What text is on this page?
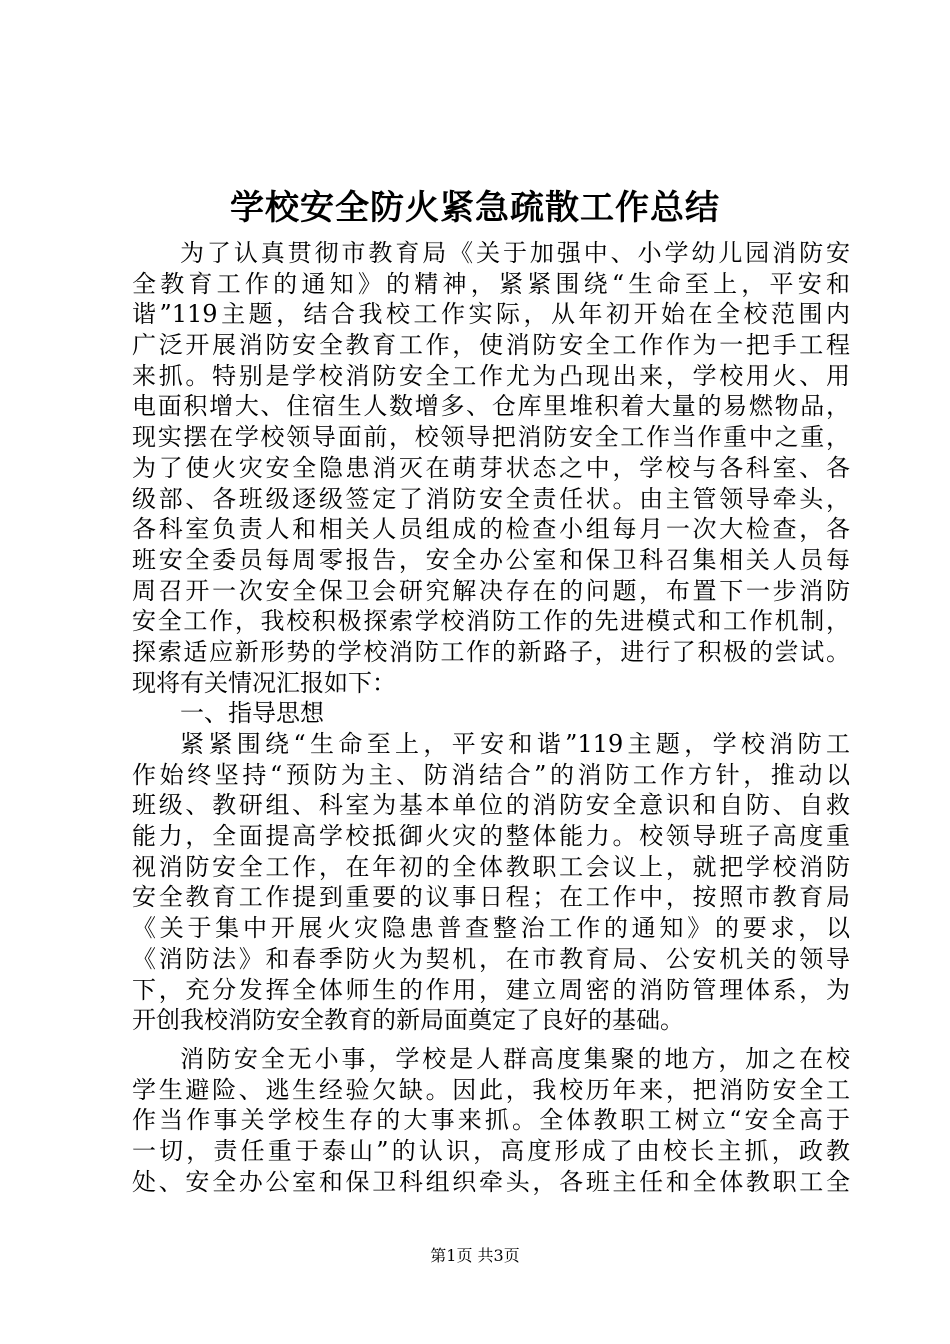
学校安全防火紧急疏散工作总结
为了认真贯彻市教育局《关于加强中、小学幼儿园消防安
全教育工作的通知》的精神，紧紧围绕“生命至上，平安和
谐”119主题，结合我校工作实际，从年初开始在全校范围内
广泛开展消防安全教育工作，使消防安全工作作为一把手工程
来抓。特别是学校消防安全工作尤为凸现出来，学校用火、用
电面积增大、住宿生人数增多、仓库里堆积着大量的易燃物品，
现实摆在学校领导面前，校领导把消防安全工作当作重中之重，
为了使火灾安全隐患消灭在萌芽状态之中，学校与各科室、各
级部、各班级逐级签定了消防安全责任状。由主管领导牵头，
各科室负责人和相关人员组成的检查小组每月一次大检查，各
班安全委员每周零报告，安全办公室和保卫科召集相关人员每
周召开一次安全保卫会研究解决存在的问题，布置下一步消防
安全工作，我校积极探索学校消防工作的先进模式和工作机制，
探索适应新形势的学校消防工作的新路子，进行了积极的尝试。
现将有关情况汇报如下：
一、指导思想
紧紧围绕“生命至上，平安和谐”119主题，学校消防工
作始终坚持“预防为主、防消结合”的消防工作方针，推动以
班级、教研组、科室为基本单位的消防安全意识和自防、自救
能力，全面提高学校抵御火灾的整体能力。校领导班子高度重
视消防安全工作，在年初的全体教职工会议上，就把学校消防
安全教育工作提到重要的议事日程；在工作中，按照市教育局
《关于集中开展火灾隐患普查整治工作的通知》的要求，以
《消防法》和春季防火为契机，在市教育局、公安机关的领导
下，充分发挥全体师生的作用，建立周密的消防管理体系，为
开创我校消防安全教育的新局面奠定了良好的基础。
消防安全无小事，学校是人群高度集聚的地方，加之在校
学生避险、逃生经验欠缺。因此，我校历年来，把消防安全工
作当作事关学校生存的大事来抓。全体教职工树立“安全高于
一切，责任重于泰山”的认识，高度形成了由校长主抓，政教
处、安全办公室和保卫科组织牵头，各班主任和全体教职工全
第1页 共3页
